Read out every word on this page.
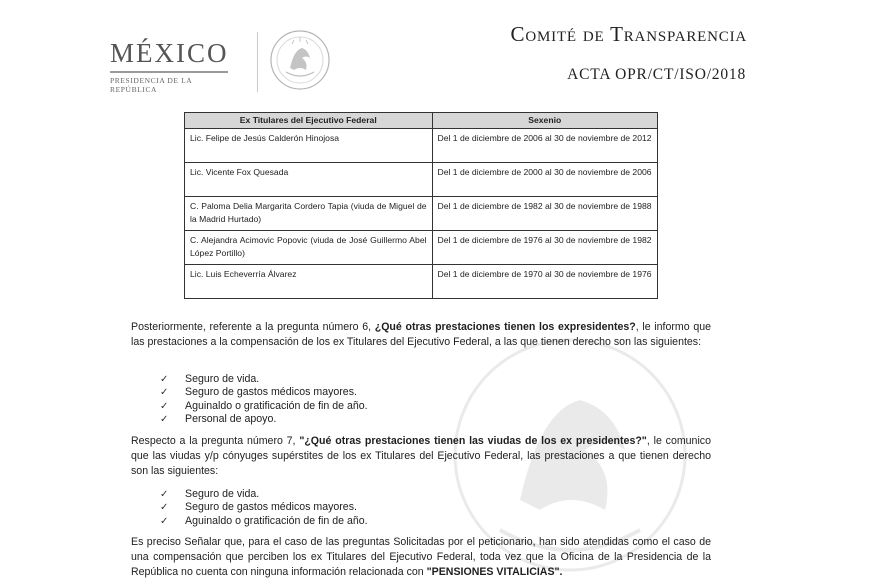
MÉXICO
PRESIDENCIA DE LA REPÚBLICA
Comité de Transparencia
ACTA OPR/CT/ISO/2018
Ex Titulares del Ejecutivo Federal	Sexenio
Lic. Felipe de Jesús Calderón Hinojosa	Del 1 de diciembre de 2006 al 30 de noviembre de 2012
Lic. Vicente Fox Quesada	Del 1 de diciembre de 2000 al 30 de noviembre de 2006
C. Paloma Delia Margarita Cordero Tapia (viuda de Miguel de la Madrid Hurtado)	Del 1 de diciembre de 1982 al 30 de noviembre de 1988
C. Alejandra Acimovic Popovic (viuda de José Guillermo Abel López Portillo)	Del 1 de diciembre de 1976 al 30 de noviembre de 1982
Lic. Luis Echeverría Álvarez	Del 1 de diciembre de 1970 al 30 de noviembre de 1976
Posteriormente, referente a la pregunta número 6, ¿Qué otras prestaciones tienen los expresidentes?, le informo que las prestaciones a la compensación de los ex Titulares del Ejecutivo Federal, a las que tienen derecho son las siguientes:
✓ Seguro de vida.
✓ Seguro de gastos médicos mayores.
✓ Aguinaldo o gratificación de fin de año.
✓ Personal de apoyo.
Respecto a la pregunta número 7, "¿Qué otras prestaciones tienen las viudas de los ex presidentes?", le comunico que las viudas y/p cónyuges supérstites de los ex Titulares del Ejecutivo Federal, las prestaciones a que tienen derecho son las siguientes:
✓ Seguro de vida.
✓ Seguro de gastos médicos mayores.
✓ Aguinaldo o gratificación de fin de año.
Es preciso Señalar que, para el caso de las preguntas Solicitadas por el peticionario, han sido atendidas como el caso de una compensación que perciben los ex Titulares del Ejecutivo Federal, toda vez que la Oficina de la Presidencia de la República no cuenta con ninguna información relacionada con "PENSIONES VITALICIAS".
